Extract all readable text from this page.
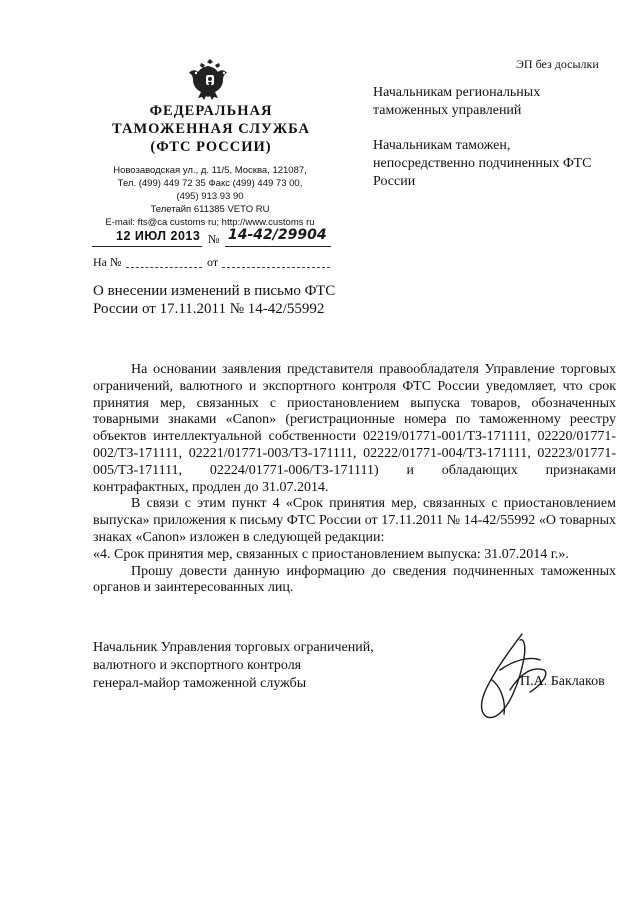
ЭП без досылки
ФЕДЕРАЛЬНАЯ
ТАМОЖЕННАЯ СЛУЖБА
(ФТС РОССИИ)
Новозаводская ул., д. 11/5, Москва, 121087,
Тел. (499) 449 72 35 Факс (499) 449 73 00,
(495) 913 93 90
Телетайп 611385 VETO RU
E-mail: fts@ca customs ru; http://www.customs ru
12 ИЮЛ 2013 № 14-42/29904
На №	от
Начальникам региональных таможенных управлений
Начальникам таможен, непосредственно подчиненных ФТС России
О внесении изменений в письмо ФТС России от 17.11.2011 № 14-42/55992

На основании заявления представителя правообладателя Управление торговых ограничений, валютного и экспортного контроля ФТС России уведомляет, что срок принятия мер, связанных с приостановлением выпуска товаров, обозначенных товарными знаками «Canon» (регистрационные номера по таможенному реестру объектов интеллектуальной собственности 02219/01771-001/ТЗ-171111, 02220/01771-002/ТЗ-171111, 02221/01771-003/ТЗ-171111, 02222/01771-004/ТЗ-171111, 02223/01771-005/ТЗ-171111, 02224/01771-006/ТЗ-171111) и обладающих признаками контрафактных, продлен до 31.07.2014.

В связи с этим пункт 4 «Срок принятия мер, связанных с приостановлением выпуска» приложения к письму ФТС России от 17.11.2011 № 14-42/55992 «О товарных знаках «Canon» изложен в следующей редакции:

«4. Срок принятия мер, связанных с приостановлением выпуска: 31.07.2014 г.».

Прошу довести данную информацию до сведения подчиненных таможенных органов и заинтересованных лиц.

Начальник Управления торговых ограничений,
валютного и экспортного контроля
генерал-майор таможенной службы	П.А. Баклаков
